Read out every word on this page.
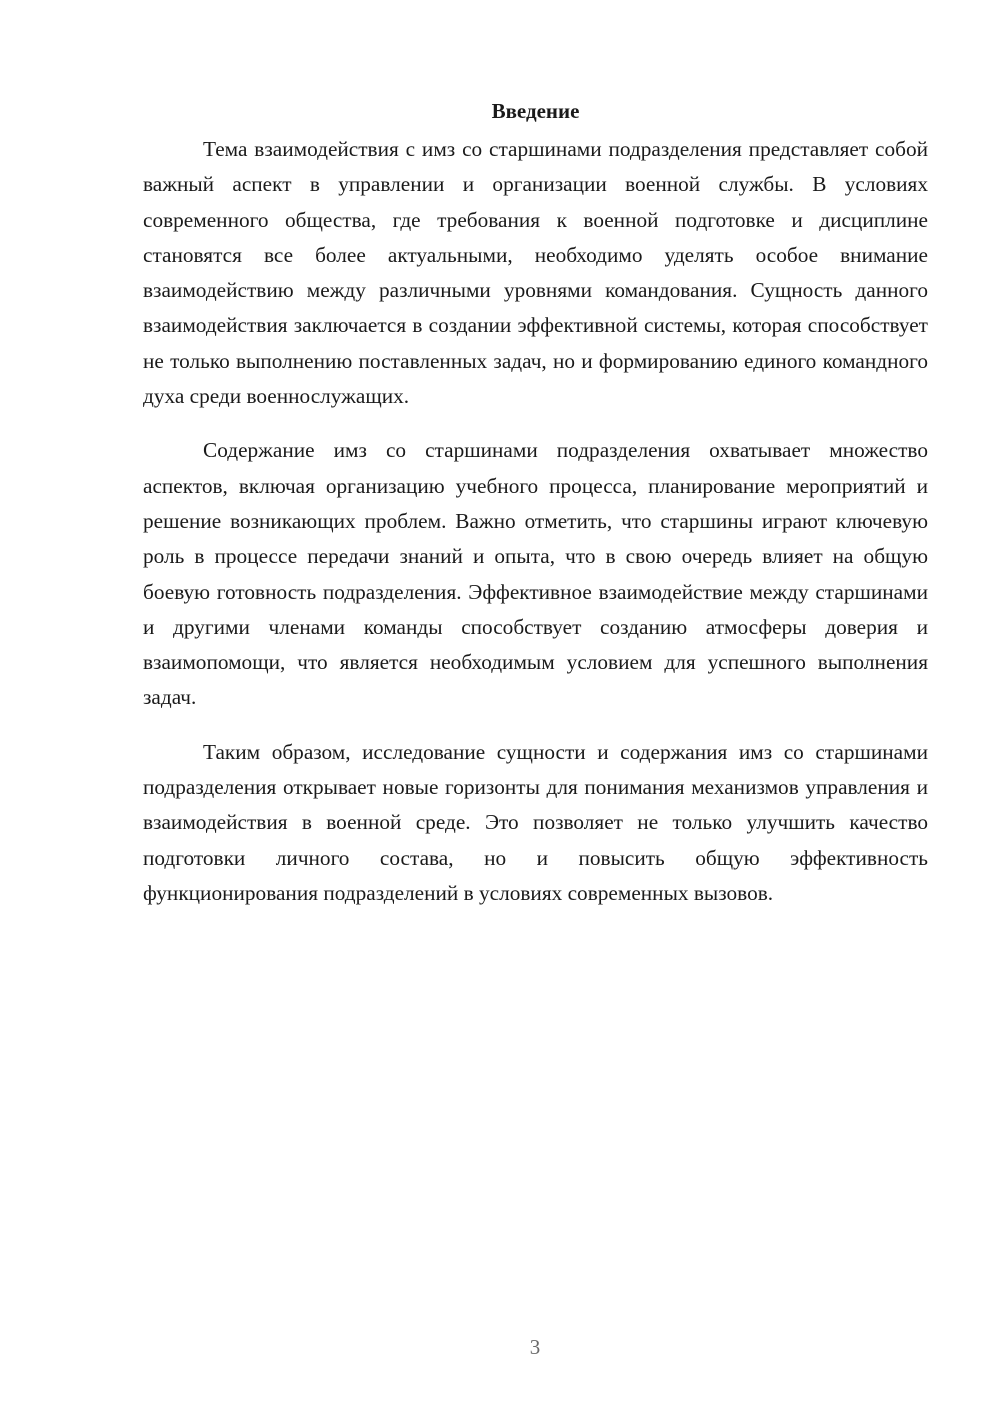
Введение

Тема взаимодействия с имз со старшинами подразделения представляет собой важный аспект в управлении и организации военной службы. В условиях современного общества, где требования к военной подготовке и дисциплине становятся все более актуальными, необходимо уделять особое внимание взаимодействию между различными уровнями командования. Сущность данного взаимодействия заключается в создании эффективной системы, которая способствует не только выполнению поставленных задач, но и формированию единого командного духа среди военнослужащих.

Содержание имз со старшинами подразделения охватывает множество аспектов, включая организацию учебного процесса, планирование мероприятий и решение возникающих проблем. Важно отметить, что старшины играют ключевую роль в процессе передачи знаний и опыта, что в свою очередь влияет на общую боевую готовность подразделения. Эффективное взаимодействие между старшинами и другими членами команды способствует созданию атмосферы доверия и взаимопомощи, что является необходимым условием для успешного выполнения задач.

Таким образом, исследование сущности и содержания имз со старшинами подразделения открывает новые горизонты для понимания механизмов управления и взаимодействия в военной среде. Это позволяет не только улучшить качество подготовки личного состава, но и повысить общую эффективность функционирования подразделений в условиях современных вызовов.

3
